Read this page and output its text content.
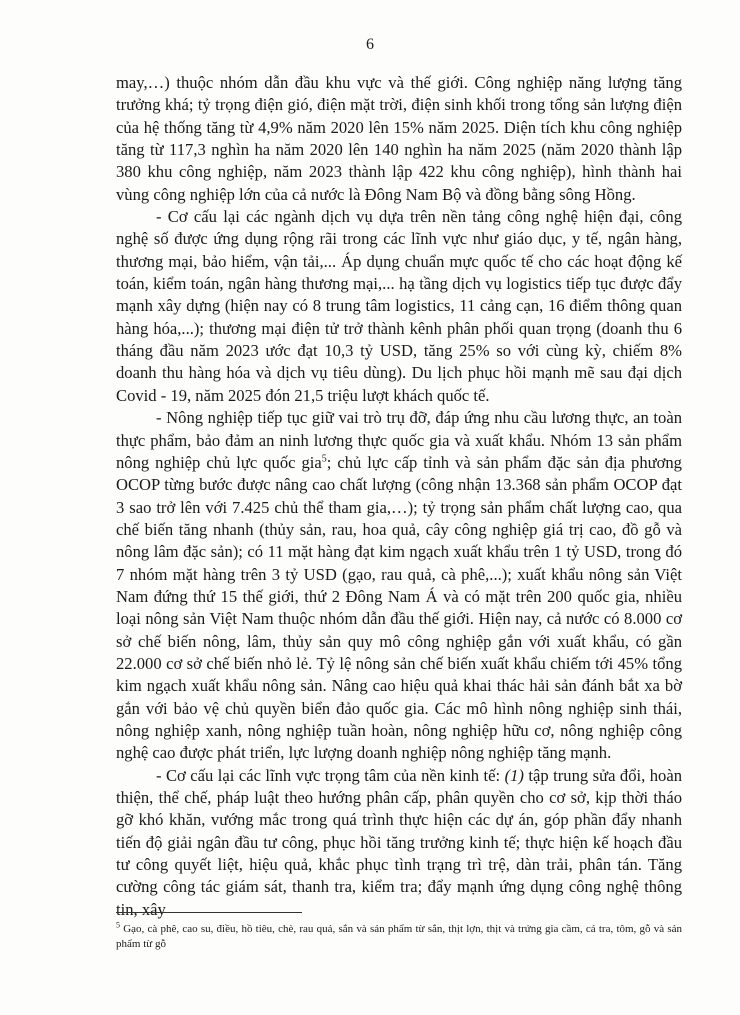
6

may,…) thuộc nhóm dẫn đầu khu vực và thế giới. Công nghiệp năng lượng tăng trưởng khá; tỷ trọng điện gió, điện mặt trời, điện sinh khối trong tổng sản lượng điện của hệ thống tăng từ 4,9% năm 2020 lên 15% năm 2025. Diện tích khu công nghiệp tăng từ 117,3 nghìn ha năm 2020 lên 140 nghìn ha năm 2025 (năm 2020 thành lập 380 khu công nghiệp, năm 2023 thành lập 422 khu công nghiệp), hình thành hai vùng công nghiệp lớn của cả nước là Đông Nam Bộ và đồng bằng sông Hồng.

- Cơ cấu lại các ngành dịch vụ dựa trên nền tảng công nghệ hiện đại, công nghệ số được ứng dụng rộng rãi trong các lĩnh vực như giáo dục, y tế, ngân hàng, thương mại, bảo hiểm, vận tải,... Áp dụng chuẩn mực quốc tế cho các hoạt động kế toán, kiểm toán, ngân hàng thương mại,... hạ tầng dịch vụ logistics tiếp tục được đẩy mạnh xây dựng (hiện nay có 8 trung tâm logistics, 11 cảng cạn, 16 điểm thông quan hàng hóa,...); thương mại điện tử trở thành kênh phân phối quan trọng (doanh thu 6 tháng đầu năm 2023 ước đạt 10,3 tỷ USD, tăng 25% so với cùng kỳ, chiếm 8% doanh thu hàng hóa và dịch vụ tiêu dùng). Du lịch phục hồi mạnh mẽ sau đại dịch Covid - 19, năm 2025 đón 21,5 triệu lượt khách quốc tế.

- Nông nghiệp tiếp tục giữ vai trò trụ đỡ, đáp ứng nhu cầu lương thực, an toàn thực phẩm, bảo đảm an ninh lương thực quốc gia và xuất khẩu. Nhóm 13 sản phẩm nông nghiệp chủ lực quốc gia$^5$; chủ lực cấp tỉnh và sản phẩm đặc sản địa phương OCOP từng bước được nâng cao chất lượng (công nhận 13.368 sản phẩm OCOP đạt 3 sao trở lên với 7.425 chủ thể tham gia,…); tỷ trọng sản phẩm chất lượng cao, qua chế biến tăng nhanh (thủy sản, rau, hoa quả, cây công nghiệp giá trị cao, đồ gỗ và nông lâm đặc sản); có 11 mặt hàng đạt kim ngạch xuất khẩu trên 1 tỷ USD, trong đó 7 nhóm mặt hàng trên 3 tỷ USD (gạo, rau quả, cà phê,...); xuất khẩu nông sản Việt Nam đứng thứ 15 thế giới, thứ 2 Đông Nam Á và có mặt trên 200 quốc gia, nhiều loại nông sản Việt Nam thuộc nhóm dẫn đầu thế giới. Hiện nay, cả nước có 8.000 cơ sở chế biến nông, lâm, thủy sản quy mô công nghiệp gắn với xuất khẩu, có gần 22.000 cơ sở chế biến nhỏ lẻ. Tỷ lệ nông sản chế biến xuất khẩu chiếm tới 45% tổng kim ngạch xuất khẩu nông sản. Nâng cao hiệu quả khai thác hải sản đánh bắt xa bờ gắn với bảo vệ chủ quyền biển đảo quốc gia. Các mô hình nông nghiệp sinh thái, nông nghiệp xanh, nông nghiệp tuần hoàn, nông nghiệp hữu cơ, nông nghiệp công nghệ cao được phát triển, lực lượng doanh nghiệp nông nghiệp tăng mạnh.

- Cơ cấu lại các lĩnh vực trọng tâm của nền kinh tế: (1) tập trung sửa đổi, hoàn thiện, thể chế, pháp luật theo hướng phân cấp, phân quyền cho cơ sở, kịp thời tháo gỡ khó khăn, vướng mắc trong quá trình thực hiện các dự án, góp phần đẩy nhanh tiến độ giải ngân đầu tư công, phục hồi tăng trưởng kinh tế; thực hiện kế hoạch đầu tư công quyết liệt, hiệu quả, khắc phục tình trạng trì trệ, dàn trải, phân tán. Tăng cường công tác giám sát, thanh tra, kiểm tra; đẩy mạnh ứng dụng công nghệ thông tin, xây

$^5$ Gạo, cà phê, cao su, điều, hồ tiêu, chè, rau quả, sắn và sản phẩm từ sắn, thịt lợn, thịt và trứng gia cầm, cá tra, tôm, gỗ và sản phẩm từ gỗ
